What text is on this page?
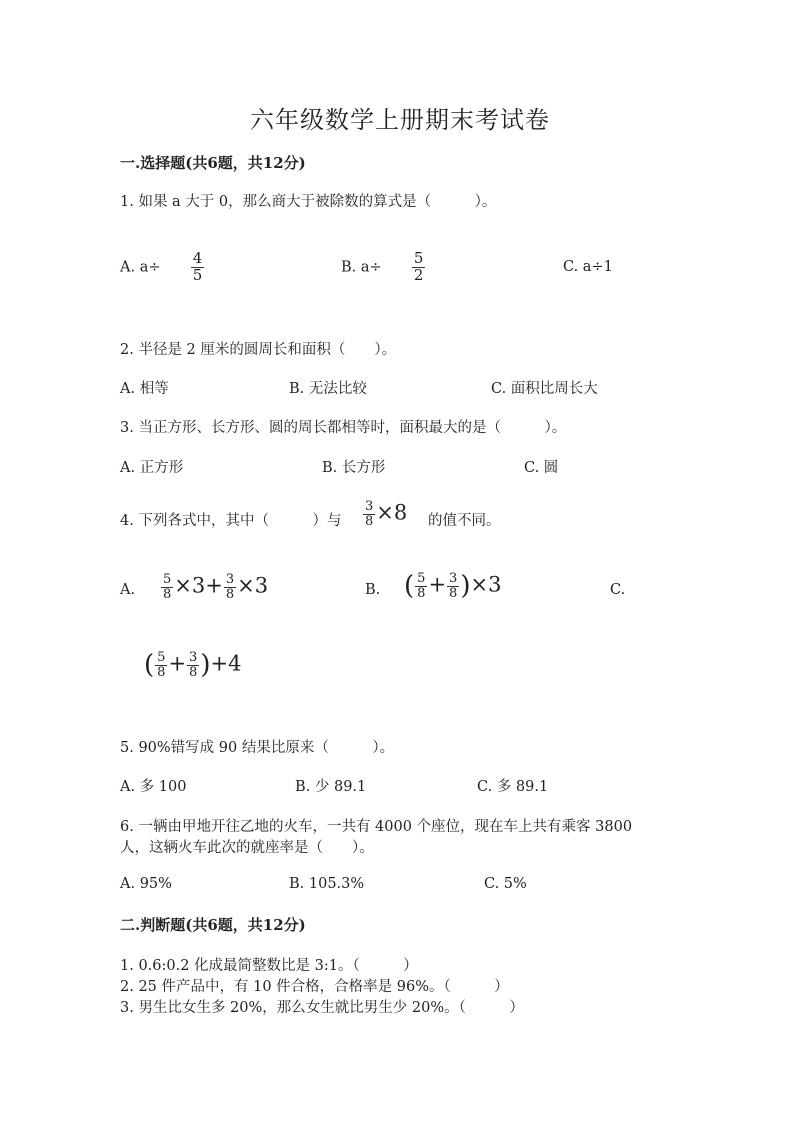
六年级数学上册期末考试卷
一.选择题(共6题，共12分)
1. 如果 a 大于 0，那么商大于被除数的算式是（　　　）。
A. $a\div \frac{4}{5}$	B. $a\div \frac{5}{2}$	C. a÷1
2. 半径是 2 厘米的圆周长和面积（　　）。
A. 相等	B. 无法比较	C. 面积比周长大
3. 当正方形、长方形、圆的周长都相等时，面积最大的是（　　　）。
A. 正方形	B. 长方形	C. 圆
4. 下列各式中，其中（　　　）与 $\frac{3}{8} \times 8$ 的值不同。
A. $\frac{5}{8} \times 3+ \frac{3}{8} \times 3$	B. ( $\frac{5}{8} + \frac{3}{8} )\times 3$	C.
( $\frac{5}{8} + \frac{3}{8} )+4$
5. 90%错写成 90 结果比原来（　　　）。
A. 多 100	B. 少 89.1	C. 多 89.1
6. 一辆由甲地开往乙地的火车，一共有 4000 个座位，现在车上共有乘客 3800
人，这辆火车此次的就座率是（　　）。
A. 95%	B. 105.3%	C. 5%
二.判断题(共6题，共12分)
1. 0.6:0.2 化成最简整数比是 3:1。（　　　）
2. 25 件产品中，有 10 件合格，合格率是 96%。（　　　）
3. 男生比女生多 20%，那么女生就比男生少 20%。（　　　）
